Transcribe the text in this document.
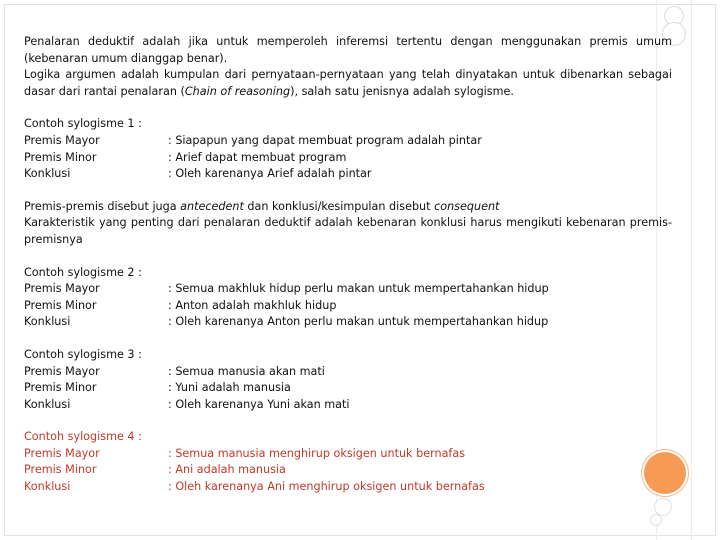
Penalaran deduktif adalah jika untuk memperoleh inferemsi tertentu dengan menggunakan premis umum (kebenaran umum dianggap benar).

Logika argumen adalah kumpulan dari pernyataan-pernyataan yang telah dinyatakan untuk dibenarkan sebagai dasar dari rantai penalaran (Chain of reasoning), salah satu jenisnya adalah sylogisme.

Contoh sylogisme 1 :
Premis Mayor	: Siapapun yang dapat membuat program adalah pintar
Premis Minor	: Arief dapat membuat program
Konklusi	: Oleh karenanya Arief adalah pintar

Premis-premis disebut juga antecedent dan konklusi/kesimpulan disebut consequent

Karakteristik yang penting dari penalaran deduktif adalah kebenaran konklusi harus mengikuti kebenaran premis-premisnya

Contoh sylogisme 2 :
Premis Mayor	: Semua makhluk hidup perlu makan untuk mempertahankan hidup
Premis Minor	: Anton adalah makhluk hidup
Konklusi	: Oleh karenanya Anton perlu makan untuk mempertahankan hidup
Contoh sylogisme 3 :
Premis Mayor	: Semua manusia akan mati
Premis Minor	: Yuni adalah manusia
Konklusi	: Oleh karenanya Yuni akan mati
Contoh sylogisme 4 :
Premis Mayor	: Semua manusia menghirup oksigen untuk bernafas
Premis Minor	: Ani adalah manusia
Konklusi	: Oleh karenanya Ani menghirup oksigen untuk bernafas
